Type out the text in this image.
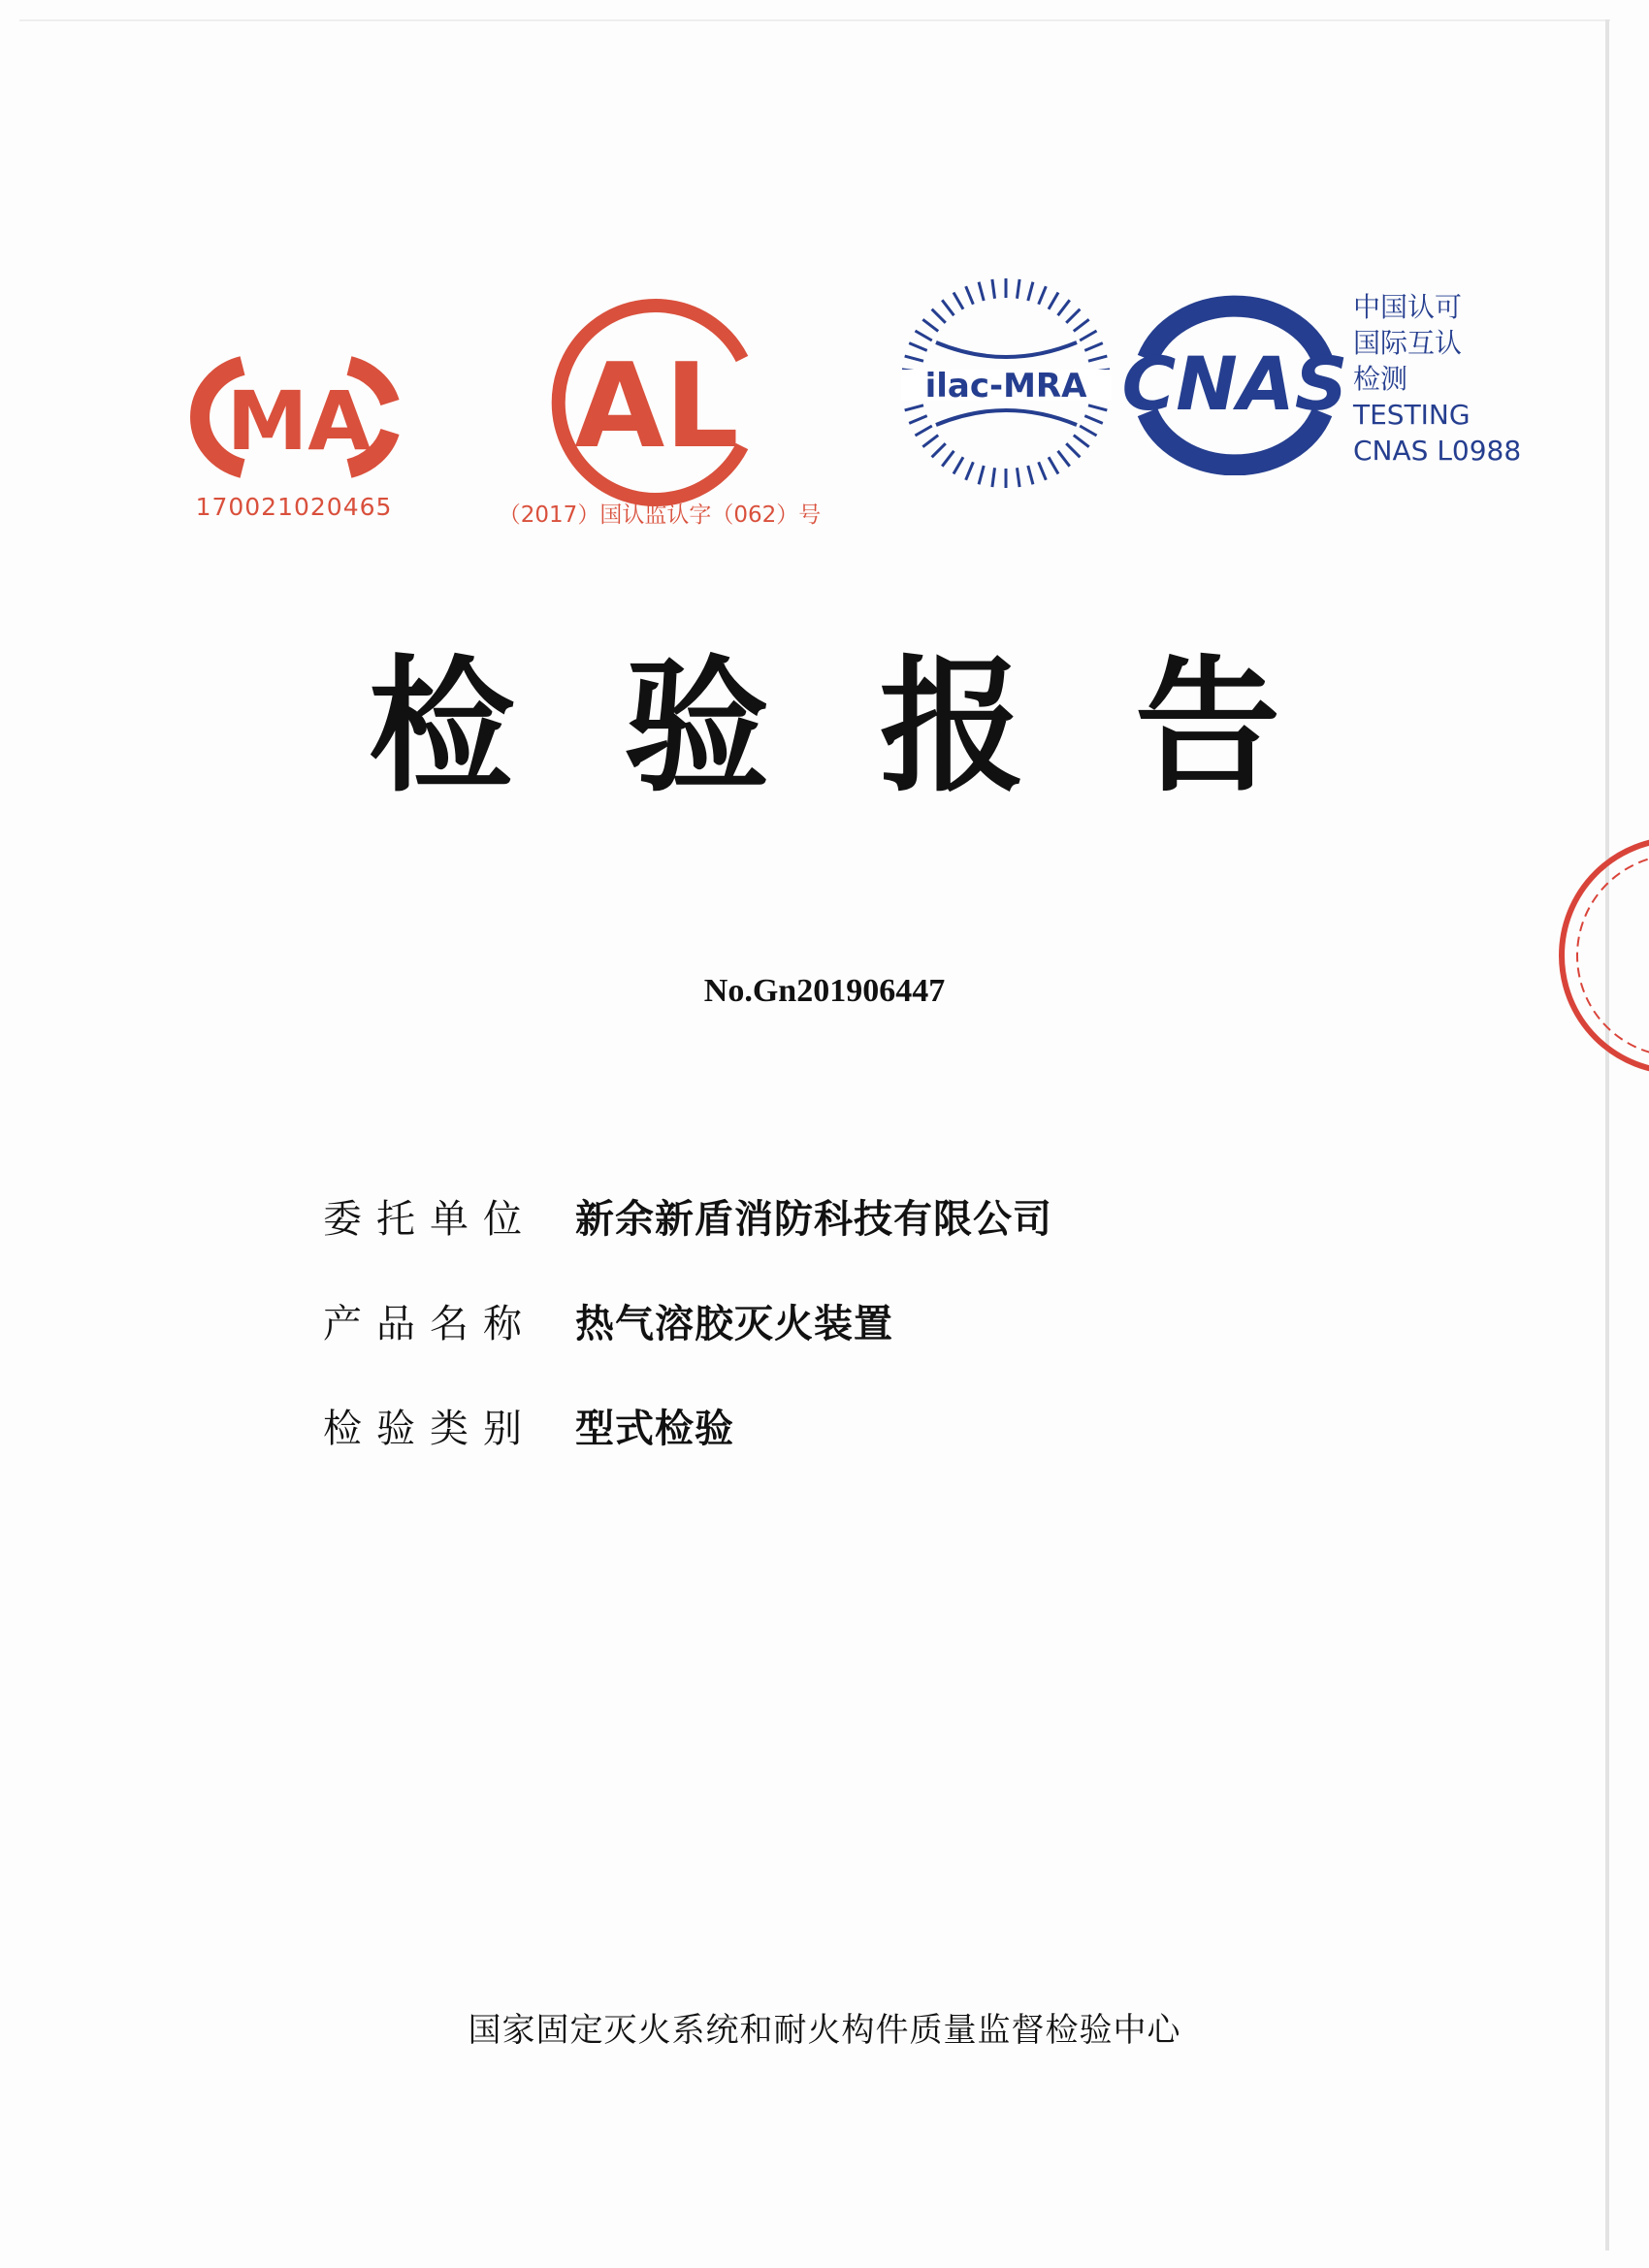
MA
170021020465
AL
（2017）国认监认字（062）号
ilac-MRA CNAS
中国认可
国际互认
检测
TESTING
CNAS L0988
检 验 报 告
No.Gn201906447
委托单位	新余新盾消防科技有限公司
产品名称	热气溶胶灭火装置
检验类别	型式检验
国家固定灭火系统和耐火构件质量监督检验中心
